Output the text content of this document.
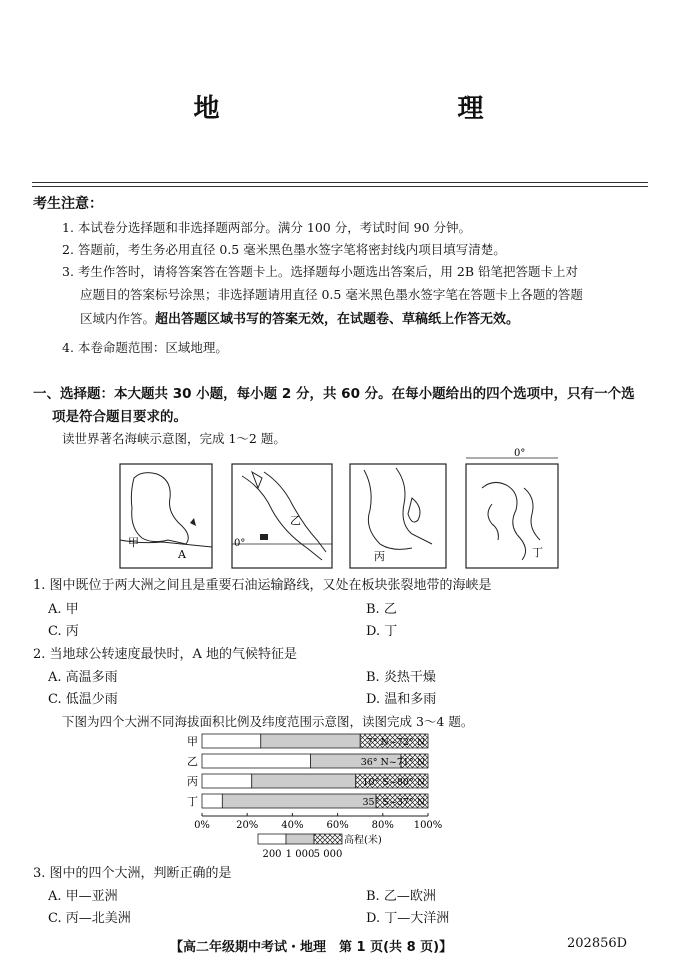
地　　理
考生注意：
1. 本试卷分选择题和非选择题两部分。满分 100 分，考试时间 90 分钟。
2. 答题前，考生务必用直径 0.5 毫米黑色墨水签字笔将密封线内项目填写清楚。
3. 考生作答时，请将答案答在答题卡上。选择题每小题选出答案后，用 2B 铅笔把答题卡上对
应题目的答案标号涂黑；非选择题请用直径 0.5 毫米黑色墨水签字笔在答题卡上各题的答题
区域内作答。超出答题区域书写的答案无效，在试题卷、草稿纸上作答无效。
4. 本卷命题范围：区域地理。
一、选择题：本大题共 30 小题，每小题 2 分，共 60 分。在每小题给出的四个选项中，只有一个选
项是符合题目要求的。
读世界著名海峡示意图，完成 1～2 题。
甲
A
乙
0°
丙	丁
0°
1. 图中既位于两大洲之间且是重要石油运输路线，又处在板块张裂地带的海峡是
A. 甲	B. 乙
C. 丙	D. 丁
2. 当地球公转速度最快时，A 地的气候特征是
A. 高温多雨	B. 炎热干燥
C. 低温少雨	D. 温和多雨
下图为四个大洲不同海拔面积比例及纬度范围示意图，读图完成 3～4 题。
甲	7° N~72° N
乙	36° N~71° N
丙	10° S~80° N
丁	35° S~37° N
0%	20% 40% 60% 80% 100%
高程(米)
200 1 000 5 000
3. 图中的四个大洲，判断正确的是
A. 甲—亚洲	B. 乙—欧洲
C. 丙—北美洲	D. 丁—大洋洲
【高二年级期中考试・地理　第 1 页(共 8 页)】	202856D
